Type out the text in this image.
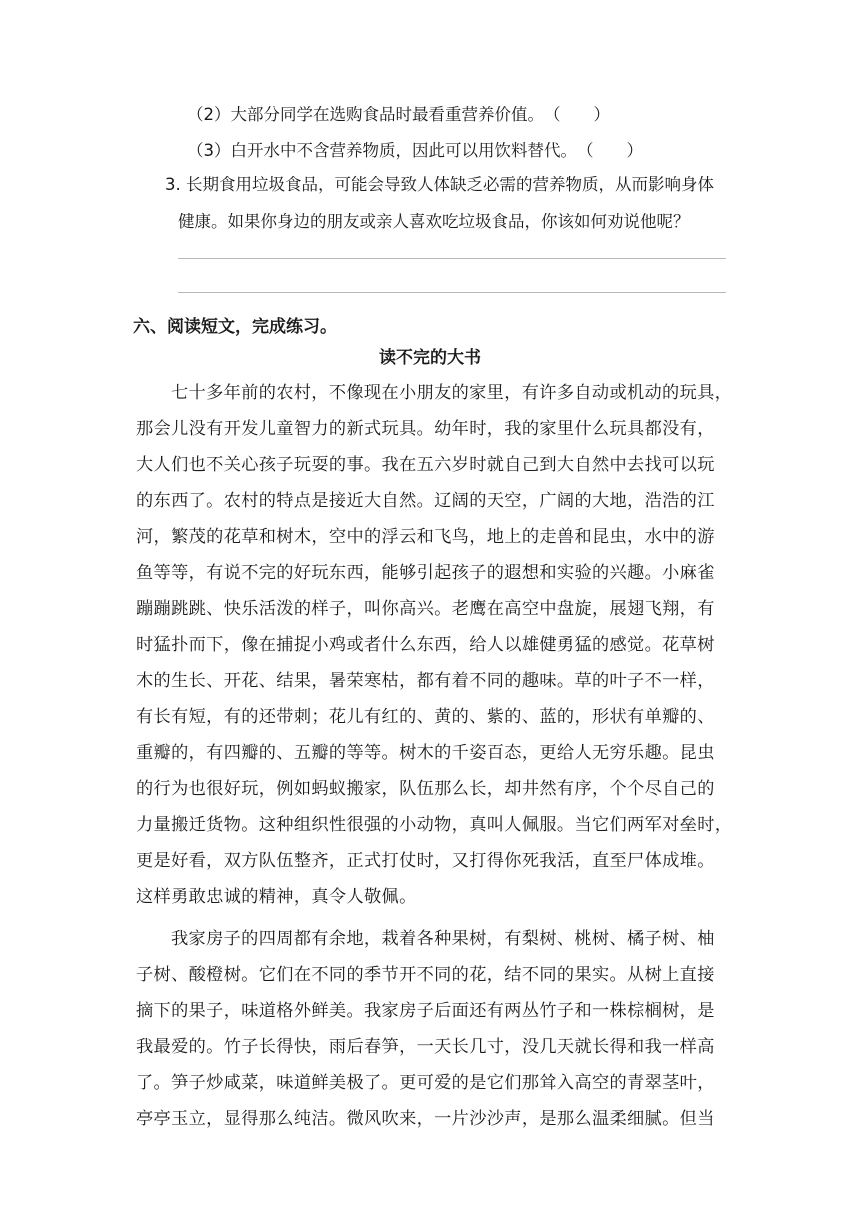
（2）大部分同学在选购食品时最看重营养价值。　（　　）
（3）白开水中不含营养物质，因此可以用饮料替代。　（　　）
3. 长期食用垃圾食品，可能会导致人体缺乏必需的营养物质，从而影响身体
健康。如果你身边的朋友或亲人喜欢吃垃圾食品，你该如何劝说他呢？
六、阅读短文，完成练习。
读不完的大书
七十多年前的农村，不像现在小朋友的家里，有许多自动或机动的玩具，
那会儿没有开发儿童智力的新式玩具。幼年时，我的家里什么玩具都没有，
大人们也不关心孩子玩耍的事。我在五六岁时就自己到大自然中去找可以玩
的东西了。农村的特点是接近大自然。辽阔的天空，广阔的大地，浩浩的江
河，繁茂的花草和树木，空中的浮云和飞鸟，地上的走兽和昆虫，水中的游
鱼等等，有说不完的好玩东西，能够引起孩子的遐想和实验的兴趣。小麻雀
蹦蹦跳跳、快乐活泼的样子，叫你高兴。老鹰在高空中盘旋，展翅飞翔，有
时猛扑而下，像在捕捉小鸡或者什么东西，给人以雄健勇猛的感觉。花草树
木的生长、开花、结果，暑荣寒枯，都有着不同的趣味。草的叶子不一样，
有长有短，有的还带刺；花儿有红的、黄的、紫的、蓝的，形状有单瓣的、
重瓣的，有四瓣的、五瓣的等等。树木的千姿百态，更给人无穷乐趣。昆虫
的行为也很好玩，例如蚂蚁搬家，队伍那么长，却井然有序，个个尽自己的
力量搬迁货物。这种组织性很强的小动物，真叫人佩服。当它们两军对垒时，
更是好看，双方队伍整齐，正式打仗时，又打得你死我活，直至尸体成堆。
这样勇敢忠诚的精神，真令人敬佩。
我家房子的四周都有余地，栽着各种果树，有梨树、桃树、橘子树、柚
子树、酸橙树。它们在不同的季节开不同的花，结不同的果实。从树上直接
摘下的果子，味道格外鲜美。我家房子后面还有两丛竹子和一株棕榈树，是
我最爱的。竹子长得快，雨后春笋，一天长几寸，没几天就长得和我一样高
了。笋子炒咸菜，味道鲜美极了。更可爱的是它们那耸入高空的青翠茎叶，
亭亭玉立，显得那么纯洁。微风吹来，一片沙沙声，是那么温柔细腻。但当
